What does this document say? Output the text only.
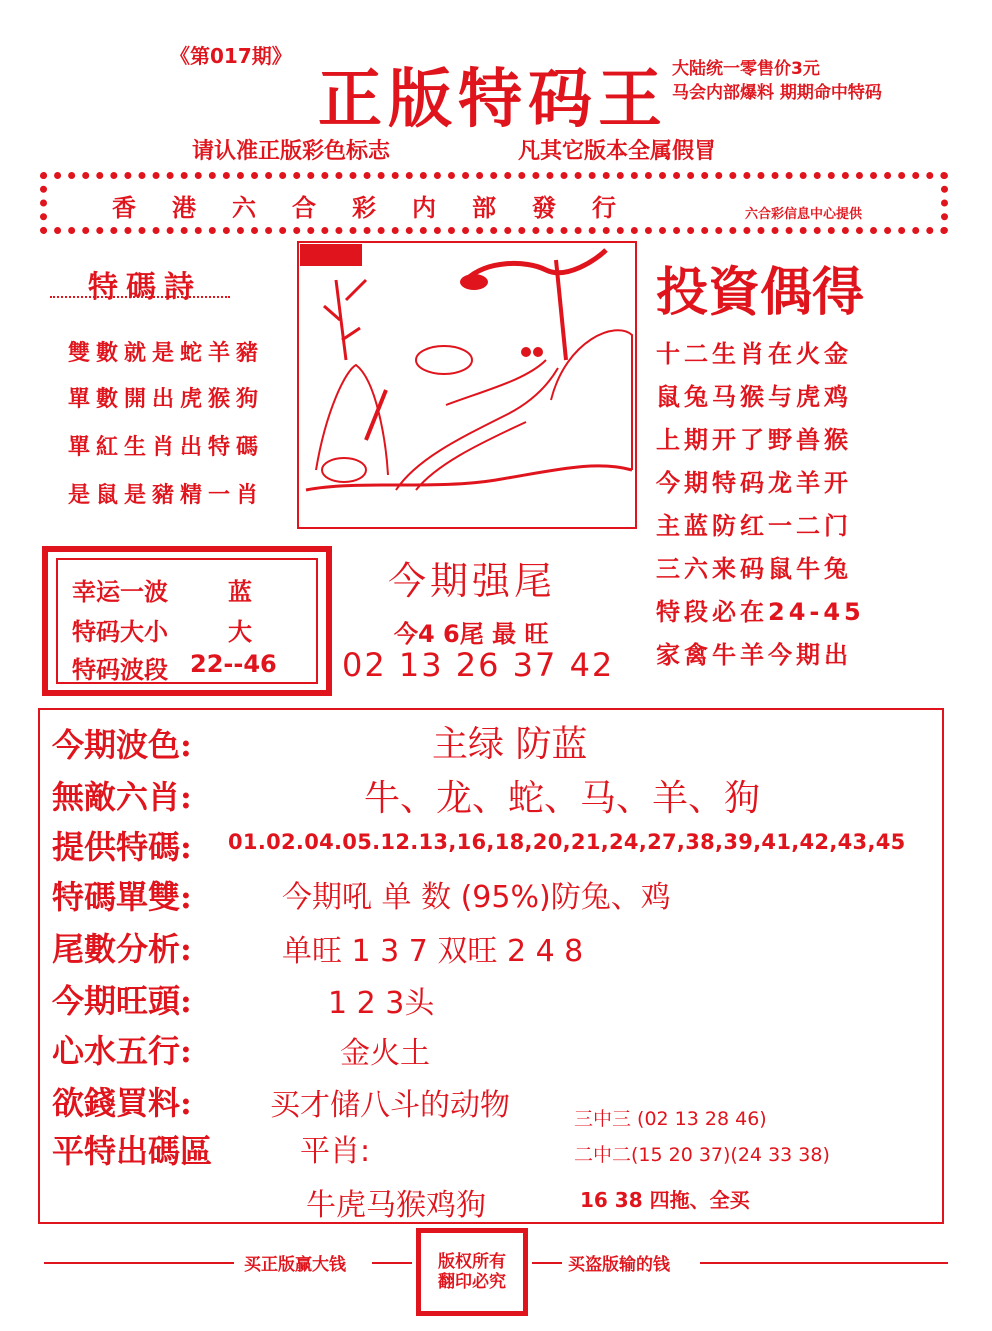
《第017期》
正版特码王 大陆统一零售价3元
马会内部爆料 期期命中特码
请认准正版彩色标志	凡其它版本全属假冒
香港六合彩内部發行	六合彩信息中心提供
特碼詩
雙數就是蛇羊豬
單數開出虎猴狗
單紅生肖出特碼
是鼠是豬精一肖
投資偶得
十二生肖在火金
鼠兔马猴与虎鸡
上期开了野兽猴
今期特码龙羊开
主蓝防红一二门
三六来码鼠牛兔
特段必在24-45
家禽牛羊今期出
幸运一波	蓝
特码大小	大
特码波段 22--46
今期强尾
今4 6尾 最 旺
02 13 26 37 42
今期波色:	主绿 防蓝
無敵六肖:	牛、龙、蛇、马、羊、狗
提供特碼: 01.02.04.05.12.13,16,18,20,21,24,27,38,39,41,42,43,45
特碼單雙:	今期吼 单 数 (95%)防兔、鸡
尾數分析:	单旺 1 3 7 双旺 2 4 8
今期旺頭:	1 2 3头
心水五行:	金火土
欲錢買料:	买才储八斗的动物
平特出碼區	平肖:
三中三 (02 13 28 46)
二中二(15 20 37)(24 33 38)
牛虎马猴鸡狗	16 38 四拖、全买
买正版赢大钱	版权所有
翻印必究
买盗版输的钱
